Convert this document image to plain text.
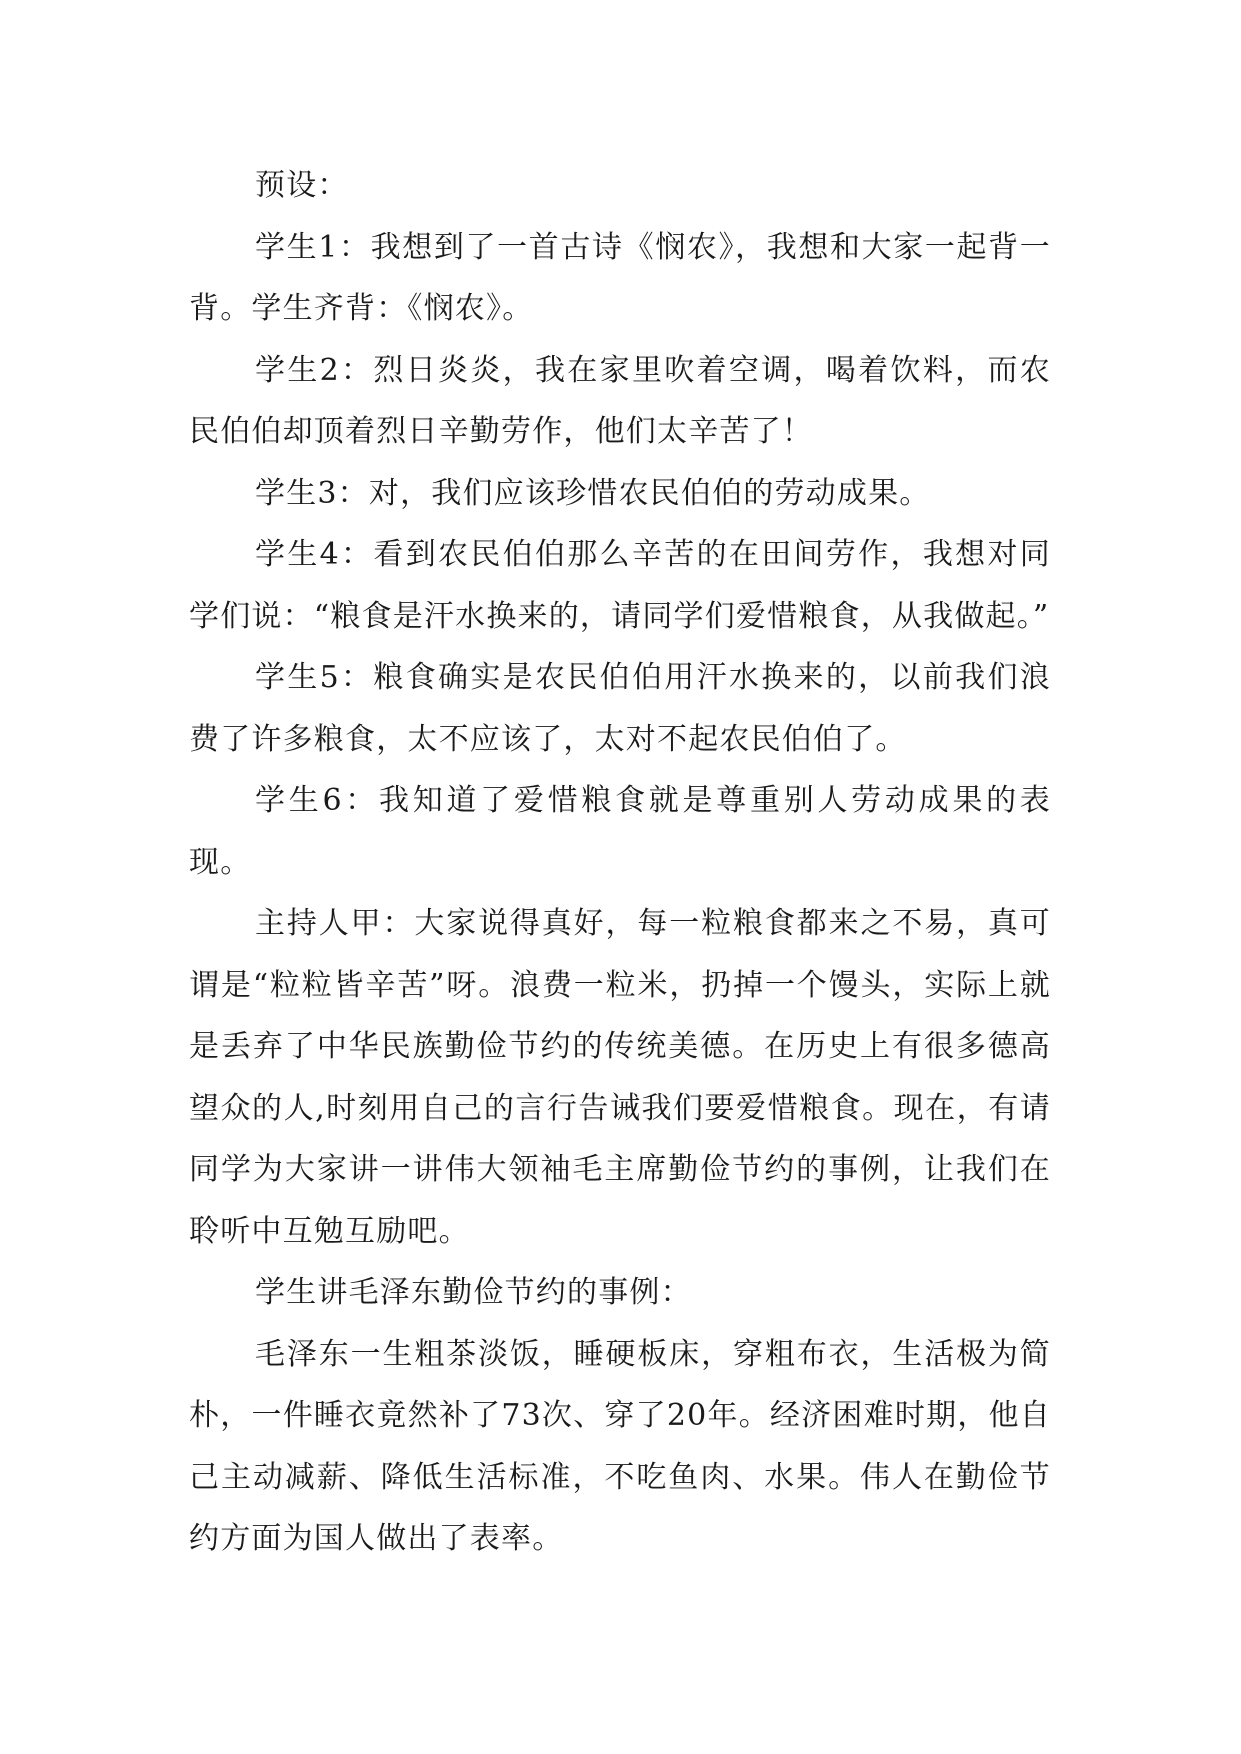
预设：

学生1：我想到了一首古诗《悯农》，我想和大家一起背一背。学生齐背：《悯农》。

学生2：烈日炎炎，我在家里吹着空调，喝着饮料，而农民伯伯却顶着烈日辛勤劳作，他们太辛苦了！

学生3：对，我们应该珍惜农民伯伯的劳动成果。

学生4：看到农民伯伯那么辛苦的在田间劳作，我想对同学们说：“粮食是汗水换来的，请同学们爱惜粮食，从我做起。”

学生5：粮食确实是农民伯伯用汗水换来的，以前我们浪费了许多粮食，太不应该了，太对不起农民伯伯了。

学生6：我知道了爱惜粮食就是尊重别人劳动成果的表现。

主持人甲：大家说得真好，每一粒粮食都来之不易，真可谓是“粒粒皆辛苦”呀。浪费一粒米，扔掉一个馒头，实际上就是丢弃了中华民族勤俭节约的传统美德。在历史上有很多德高望众的人,时刻用自己的言行告诫我们要爱惜粮食。现在，有请同学为大家讲一讲伟大领袖毛主席勤俭节约的事例，让我们在聆听中互勉互励吧。

学生讲毛泽东勤俭节约的事例：

毛泽东一生粗茶淡饭，睡硬板床，穿粗布衣，生活极为简朴，一件睡衣竟然补了73次、穿了20年。经济困难时期，他自己主动减薪、降低生活标准，不吃鱼肉、水果。伟人在勤俭节约方面为国人做出了表率。
